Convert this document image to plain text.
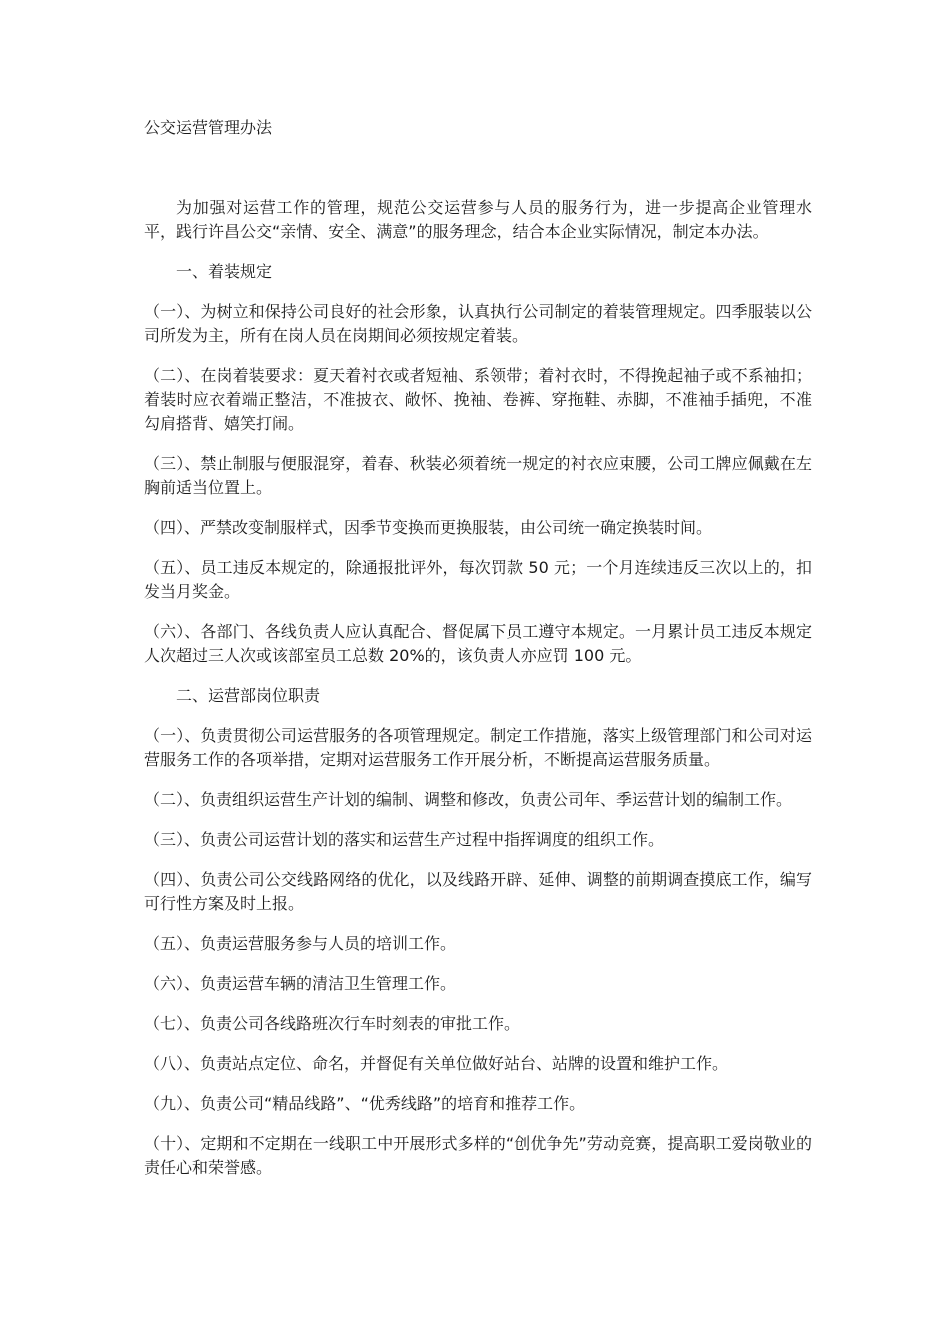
公交运营管理办法

为加强对运营工作的管理，规范公交运营参与人员的服务行为，进一步提高企业管理水平，践行许昌公交“亲情、安全、满意”的服务理念，结合本企业实际情况，制定本办法。

一、着装规定

（一）、为树立和保持公司良好的社会形象，认真执行公司制定的着装管理规定。四季服装以公司所发为主，所有在岗人员在岗期间必须按规定着装。

（二）、在岗着装要求：夏天着衬衣或者短袖、系领带；着衬衣时，不得挽起袖子或不系袖扣；着装时应衣着端正整洁，不准披衣、敞怀、挽袖、卷裤、穿拖鞋、赤脚，不准袖手插兜，不准勾肩搭背、嬉笑打闹。

（三）、禁止制服与便服混穿，着春、秋装必须着统一规定的衬衣应束腰，公司工牌应佩戴在左胸前适当位置上。

（四）、严禁改变制服样式，因季节变换而更换服装，由公司统一确定换装时间。

（五）、员工违反本规定的，除通报批评外，每次罚款 50 元；一个月连续违反三次以上的，扣发当月奖金。

（六）、各部门、各线负责人应认真配合、督促属下员工遵守本规定。一月累计员工违反本规定人次超过三人次或该部室员工总数 20%的，该负责人亦应罚 100 元。

二、运营部岗位职责

（一）、负责贯彻公司运营服务的各项管理规定。制定工作措施，落实上级管理部门和公司对运营服务工作的各项举措，定期对运营服务工作开展分析，不断提高运营服务质量。

（二）、负责组织运营生产计划的编制、调整和修改，负责公司年、季运营计划的编制工作。

（三）、负责公司运营计划的落实和运营生产过程中指挥调度的组织工作。

（四）、负责公司公交线路网络的优化，以及线路开辟、延伸、调整的前期调查摸底工作，编写可行性方案及时上报。

（五）、负责运营服务参与人员的培训工作。

（六）、负责运营车辆的清洁卫生管理工作。

（七）、负责公司各线路班次行车时刻表的审批工作。

（八）、负责站点定位、命名，并督促有关单位做好站台、站牌的设置和维护工作。

（九）、负责公司“精品线路”、“优秀线路”的培育和推荐工作。

（十）、定期和不定期在一线职工中开展形式多样的“创优争先”劳动竞赛，提高职工爱岗敬业的责任心和荣誉感。
